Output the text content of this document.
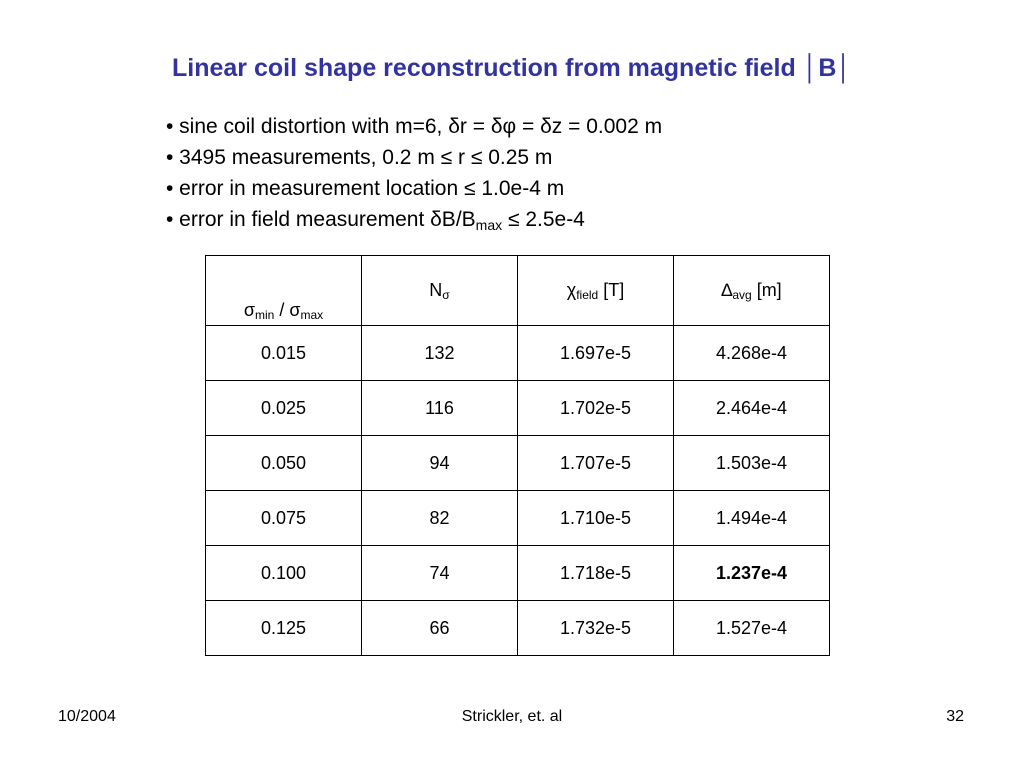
Linear coil shape reconstruction from magnetic field │B│
• sine coil distortion with m=6, δr = δφ = δz = 0.002 m
• 3495 measurements, 0.2 m ≤ r ≤ 0.25 m
• error in measurement location ≤ 1.0e-4 m
• error in field measurement $\delta B/B_{max} \le 2.5e-4$
$\sigma_{min} / \sigma_{max}$	$N_\sigma$	$\chi_{field}$ [T]	$\Delta_{avg}$ [m]
0.015	132	1.697e-5	4.268e-4
0.025	116	1.702e-5	2.464e-4
0.050	94	1.707e-5	1.503e-4
0.075	82	1.710e-5	1.494e-4
0.100	74	1.718e-5	1.237e-4
0.125	66	1.732e-5	1.527e-4
10/2004	Strickler, et. al	32
